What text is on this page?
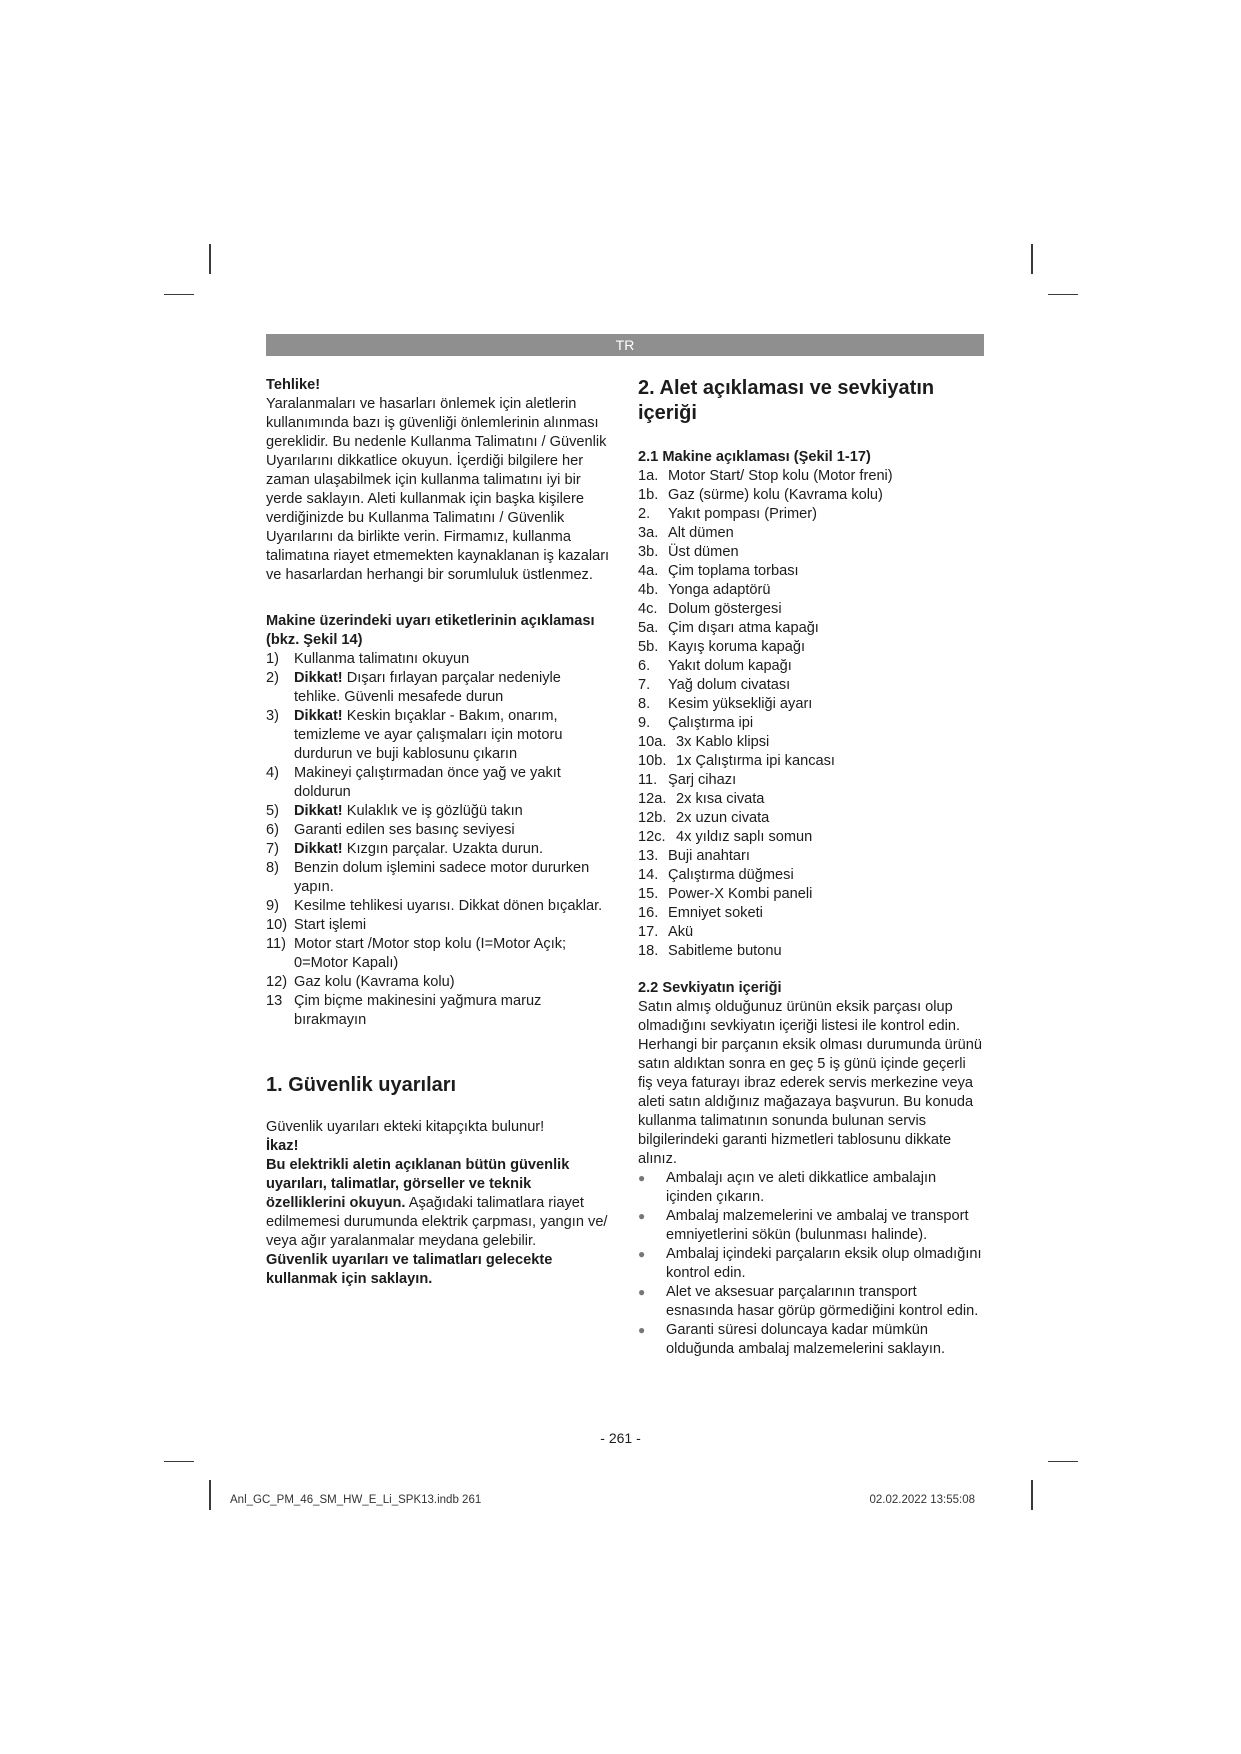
TR

Tehlike!

Yaralanmaları ve hasarları önlemek için aletlerin kullanımında bazı iş güvenliği önlemlerinin alınması gereklidir. Bu nedenle Kullanma Talimatını / Güvenlik Uyarılarını dikkatlice okuyun. İçerdiği bilgilere her zaman ulaşabilmek için kullanma talimatını iyi bir yerde saklayın. Aleti kullanmak için başka kişilere verdiğinizde bu Kullanma Talimatını / Güvenlik Uyarılarını da birlikte verin. Firmamız, kullanma talimatına riayet etmemekten kaynaklanan iş kazaları ve hasarlardan herhangi bir sorumluluk üstlenmez.

Makine üzerindeki uyarı etiketlerinin açıklaması (bkz. Şekil 14)

1)	Kullanma talimatını okuyun
2)	Dikkat! Dışarı fırlayan parçalar nedeniyle tehlike. Güvenli mesafede durun
3)	Dikkat! Keskin bıçaklar - Bakım, onarım, temizleme ve ayar çalışmaları için motoru durdurun ve buji kablosunu çıkarın
4)	Makineyi çalıştırmadan önce yağ ve yakıt doldurun
5)	Dikkat! Kulaklık ve iş gözlüğü takın
6)	Garanti edilen ses basınç seviyesi
7)	Dikkat! Kızgın parçalar. Uzakta durun.
8)	Benzin dolum işlemini sadece motor dururken yapın.
9)	Kesilme tehlikesi uyarısı. Dikkat dönen bıçaklar.
10) Start işlemi
11) Motor start /Motor stop kolu (I=Motor Açık; 0=Motor Kapalı)
12) Gaz kolu (Kavrama kolu)
13 Çim biçme makinesini yağmura maruz bırakmayın
1. Güvenlik uyarıları

Güvenlik uyarıları ekteki kitapçıkta bulunur!

İkaz!

Bu elektrikli aletin açıklanan bütün güvenlik uyarıları, talimatlar, görseller ve teknik özelliklerini okuyun. Aşağıdaki talimatlara riayet edilmemesi durumunda elektrik çarpması, yangın ve/ veya ağır yaralanmalar meydana gelebilir.

Güvenlik uyarıları ve talimatları gelecekte kullanmak için saklayın.

2. Alet açıklaması ve sevkiyatın içeriği
2.1 Makine açıklaması (Şekil 1-17)
1a. Motor Start/ Stop kolu (Motor freni)
1b. Gaz (sürme) kolu (Kavrama kolu)
2.	Yakıt pompası (Primer)
3a. Alt dümen
3b. Üst dümen
4a. Çim toplama torbası
4b. Yonga adaptörü
4c. Dolum göstergesi
5a. Çim dışarı atma kapağı
5b. Kayış koruma kapağı
6.	Yakıt dolum kapağı
7.	Yağ dolum civatası
8.	Kesim yüksekliği ayarı
9.	Çalıştırma ipi
10a. 3x Kablo klipsi
10b. 1x Çalıştırma ipi kancası
11. Şarj cihazı
12a. 2x kısa civata
12b. 2x uzun civata
12c. 4x yıldız saplı somun
13. Buji anahtarı
14. Çalıştırma düğmesi
15. Power-X Kombi paneli
16. Emniyet soketi
17. Akü
18. Sabitleme butonu
2.2 Sevkiyatın içeriği

Satın almış olduğunuz ürünün eksik parçası olup olmadığını sevkiyatın içeriği listesi ile kontrol edin. Herhangi bir parçanın eksik olması durumunda ürünü satın aldıktan sonra en geç 5 iş günü içinde geçerli fiş veya faturayı ibraz ederek servis merkezine veya aleti satın aldığınız mağazaya başvurun. Bu konuda kullanma talimatının sonunda bulunan servis bilgilerindeki garanti hizmetleri tablosunu dikkate alınız.

●	Ambalajı açın ve aleti dikkatlice ambalajın içinden çıkarın.
●	Ambalaj malzemelerini ve ambalaj ve transport emniyetlerini sökün (bulunması halinde).
●	Ambalaj içindeki parçaların eksik olup olmadığını kontrol edin.
●	Alet ve aksesuar parçalarının transport esnasında hasar görüp görmediğini kontrol edin.
●	Garanti süresi doluncaya kadar mümkün olduğunda ambalaj malzemelerini saklayın.
- 261 -
Anl_GC_PM_46_SM_HW_E_Li_SPK13.indb 261	02.02.2022 13:55:08
